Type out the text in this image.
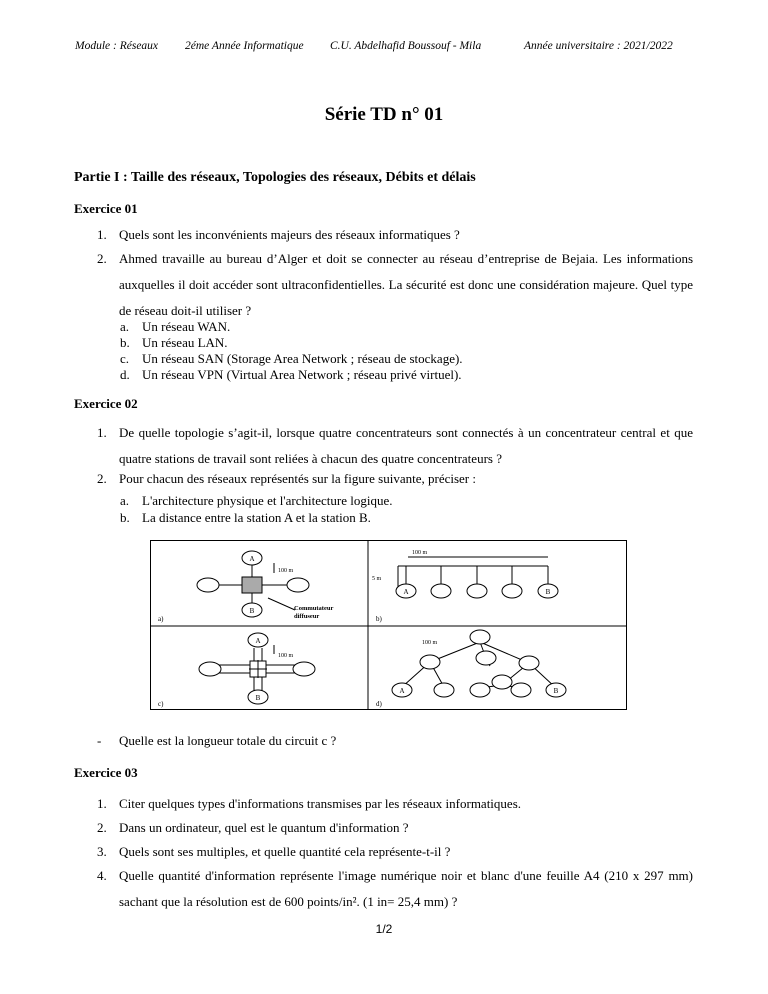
Module : Réseaux 2éme Année Informatique C.U. Abdelhafid Boussouf - Mila	Année universitaire : 2021/2022
Série TD n° 01
Partie I : Taille des réseaux, Topologies des réseaux, Débits et délais
Exercice 01
1. Quels sont les inconvénients majeurs des réseaux informatiques ?
2. Ahmed travaille au bureau d’Alger et doit se connecter au réseau d’entreprise de Bejaia. Les informations auxquelles il doit accéder sont ultraconfidentielles. La sécurité est donc une considération majeure. Quel type de réseau doit-il utiliser ?
a. Un réseau WAN.
b. Un réseau LAN.
c. Un réseau SAN (Storage Area Network ; réseau de stockage).
d. Un réseau VPN (Virtual Area Network ; réseau privé virtuel).
Exercice 02
1. De quelle topologie s’agit-il, lorsque quatre concentrateurs sont connectés à un concentrateur central et que quatre stations de travail sont reliées à chacun des quatre concentrateurs ?
2. Pour chacun des réseaux représentés sur la figure suivante, préciser :
a. L'architecture physique et l'architecture logique.
b. La distance entre la station A et la station B.
A
B
100 m
Commutateur
diffuseur
a)
A	B
100 m
5 m
b)
A
B
100 m
c)
A	B
100 m
d)
- Quelle est la longueur totale du circuit c ?
Exercice 03
1. Citer quelques types d'informations transmises par les réseaux informatiques.
2. Dans un ordinateur, quel est le quantum d'information ?
3. Quels sont ses multiples, et quelle quantité cela représente-t-il ?
4. Quelle quantité d'information représente l'image numérique noir et blanc d'une feuille A4 (210 x 297 mm) sachant que la résolution est de 600 points/in². (1 in= 25,4 mm) ?
1/2
